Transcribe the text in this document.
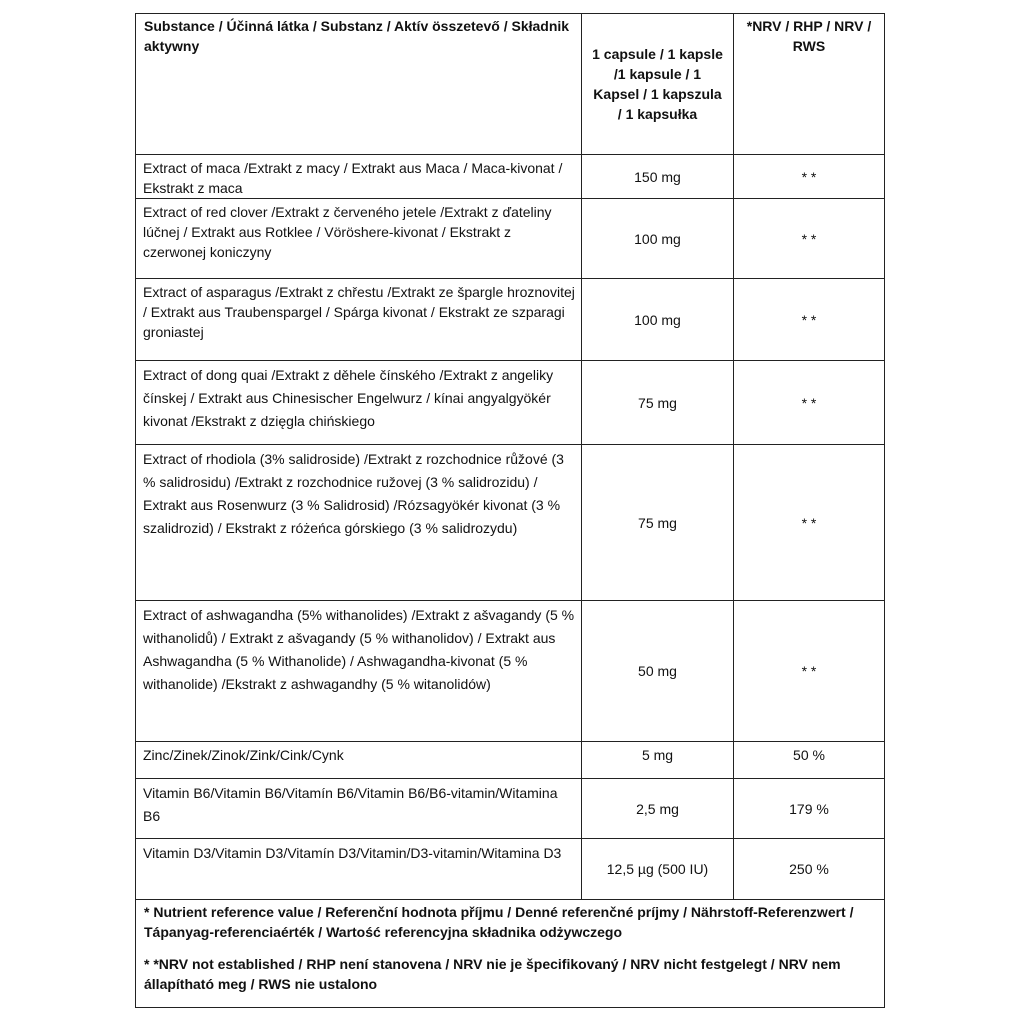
Substance / Účinná látka / Substanz / Aktív összetevő / Składnik aktywny	1 capsule / 1 kapsle /1 kapsule / 1 Kapsel / 1 kapszula / 1 kapsułka	*NRV / RHP / NRV / RWS

Extract of maca /Extrakt z macy / Extrakt aus Maca / Maca-kivonat / Ekstrakt z maca	150 mg	* *
Extract of red clover /Extrakt z červeného jetele /Extrakt z ďateliny lúčnej / Extrakt aus Rotklee / Vöröshere-kivonat / Ekstrakt z czerwonej koniczyny	100 mg	* *
Extract of asparagus /Extrakt z chřestu /Extrakt ze špargle hroznovitej / Extrakt aus Traubenspargel / Spárga kivonat / Ekstrakt ze szparagi groniastej	100 mg	* *
Extract of dong quai /Extrakt z děhele čínského /Extrakt z angeliky čínskej / Extrakt aus Chinesischer Engelwurz / kínai angyalgyökér kivonat /Ekstrakt z dzięgla chińskiego	75 mg	* *
Extract of rhodiola (3% salidroside) /Extrakt z rozchodnice růžové (3 % salidrosidu) /Extrakt z rozchodnice ružovej (3 % salidrozidu) / Extrakt aus Rosenwurz (3 % Salidrosid) /Rózsagyökér kivonat (3 % szalidrozid) / Ekstrakt z różeńca górskiego (3 % salidrozydu)	75 mg	* *
Extract of ashwagandha (5% withanolides) /Extrakt z ašvagandy (5 % withanolidů) / Extrakt z ašvagandy (5 % withanolidov) / Extrakt aus Ashwagandha (5 % Withanolide) / Ashwagandha-kivonat (5 % withanolide) /Ekstrakt z ashwagandhy (5 % witanolidów)	50 mg	* *
Zinc/Zinek/Zinok/Zink/Cink/Cynk	5 mg	50 %
Vitamin B6/Vitamin B6/Vitamín B6/Vitamin B6/B6-vitamin/Witamina B6	2,5 mg	179 %
Vitamin D3/Vitamin D3/Vitamín D3/Vitamin/D3-vitamin/Witamina D3	12,5 µg (500 IU)	250 %

* Nutrient reference value / Referenční hodnota příjmu / Denné referenčné príjmy / Nährstoff-Referenzwert / Tápanyag-referenciaérték / Wartość referencyjna składnika odżywczego

* *NRV not established / RHP není stanovena / NRV nie je špecifikovaný / NRV nicht festgelegt / NRV nem állapítható meg / RWS nie ustalono		
